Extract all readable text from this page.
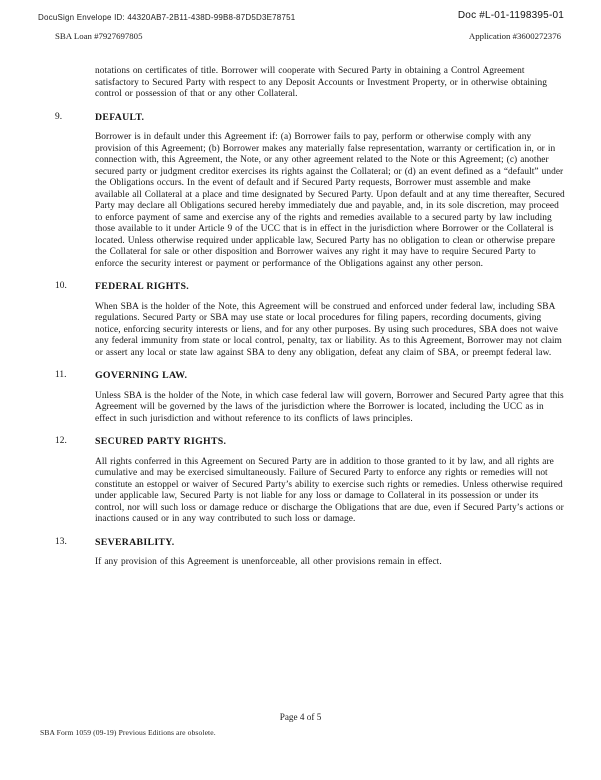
DocuSign Envelope ID: 44320AB7-2B11-438D-99B8-87D5D3E78751	Doc #L-01-1198395-01
SBA Loan #7927697805	Application #3600272376

notations on certificates of title. Borrower will cooperate with Secured Party in obtaining a Control Agreement satisfactory to Secured Party with respect to any Deposit Accounts or Investment Property, or in otherwise obtaining control or possession of that or any other Collateral.

9.	DEFAULT.

Borrower is in default under this Agreement if: (a) Borrower fails to pay, perform or otherwise comply with any provision of this Agreement; (b) Borrower makes any materially false representation, warranty or certification in, or in connection with, this Agreement, the Note, or any other agreement related to the Note or this Agreement; (c) another secured party or judgment creditor exercises its rights against the Collateral; or (d) an event defined as a “default” under the Obligations occurs. In the event of default and if Secured Party requests, Borrower must assemble and make available all Collateral at a place and time designated by Secured Party. Upon default and at any time thereafter, Secured Party may declare all Obligations secured hereby immediately due and payable, and, in its sole discretion, may proceed to enforce payment of same and exercise any of the rights and remedies available to a secured party by law including those available to it under Article 9 of the UCC that is in effect in the jurisdiction where Borrower or the Collateral is located. Unless otherwise required under applicable law, Secured Party has no obligation to clean or otherwise prepare the Collateral for sale or other disposition and Borrower waives any right it may have to require Secured Party to enforce the security interest or payment or performance of the Obligations against any other person.

10.	FEDERAL RIGHTS.

When SBA is the holder of the Note, this Agreement will be construed and enforced under federal law, including SBA regulations. Secured Party or SBA may use state or local procedures for filing papers, recording documents, giving notice, enforcing security interests or liens, and for any other purposes. By using such procedures, SBA does not waive any federal immunity from state or local control, penalty, tax or liability. As to this Agreement, Borrower may not claim or assert any local or state law against SBA to deny any obligation, defeat any claim of SBA, or preempt federal law.

11.	GOVERNING LAW.

Unless SBA is the holder of the Note, in which case federal law will govern, Borrower and Secured Party agree that this Agreement will be governed by the laws of the jurisdiction where the Borrower is located, including the UCC as in effect in such jurisdiction and without reference to its conflicts of laws principles.

12.	SECURED PARTY RIGHTS.

All rights conferred in this Agreement on Secured Party are in addition to those granted to it by law, and all rights are cumulative and may be exercised simultaneously. Failure of Secured Party to enforce any rights or remedies will not constitute an estoppel or waiver of Secured Party’s ability to exercise such rights or remedies. Unless otherwise required under applicable law, Secured Party is not liable for any loss or damage to Collateral in its possession or under its control, nor will such loss or damage reduce or discharge the Obligations that are due, even if Secured Party’s actions or inactions caused or in any way contributed to such loss or damage.

13.	SEVERABILITY.

If any provision of this Agreement is unenforceable, all other provisions remain in effect.

Page 4 of 5
SBA Form 1059 (09-19) Previous Editions are obsolete.
